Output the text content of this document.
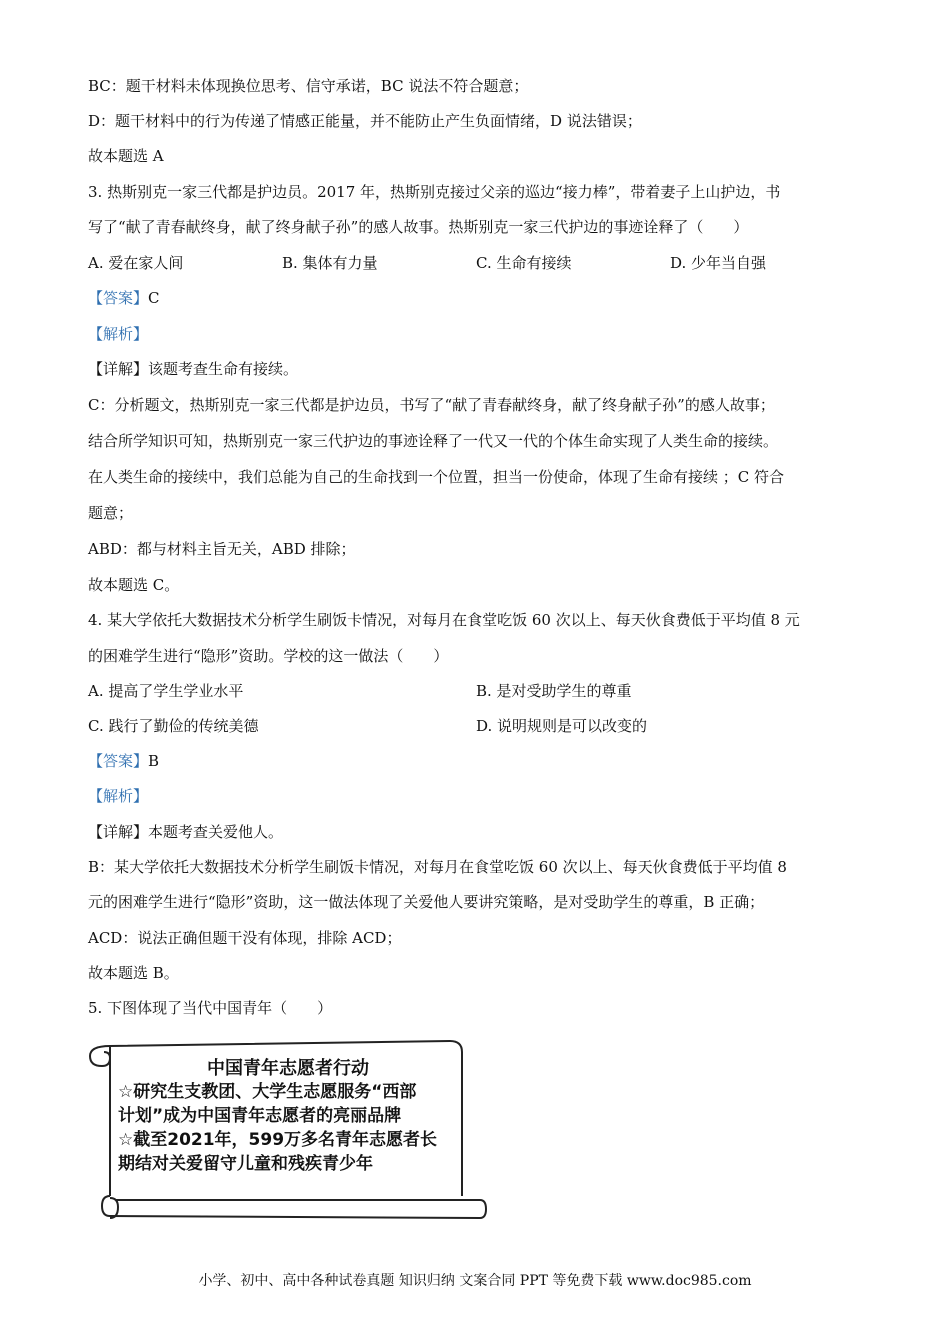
BC：题干材料未体现换位思考、信守承诺，BC 说法不符合题意；
D：题干材料中的行为传递了情感正能量，并不能防止产生负面情绪，D 说法错误；
故本题选 A
3. 热斯别克一家三代都是护边员。2017 年，热斯别克接过父亲的巡边“接力棒”，带着妻子上山护边，书
写了“献了青春献终身，献了终身献子孙”的感人故事。热斯别克一家三代护边的事迹诠释了（　　）
A. 爱在家人间	B. 集体有力量	C. 生命有接续	D. 少年当自强
【答案】C
【解析】
【详解】该题考查生命有接续。
C：分析题文，热斯别克一家三代都是护边员，书写了“献了青春献终身，献了终身献子孙”的感人故事；
结合所学知识可知，热斯别克一家三代护边的事迹诠释了一代又一代的个体生命实现了人类生命的接续。
在人类生命的接续中，我们总能为自己的生命找到一个位置，担当一份使命，体现了生命有接续 ；C 符合
题意；
ABD：都与材料主旨无关，ABD 排除；
故本题选 C。
4. 某大学依托大数据技术分析学生刷饭卡情况，对每月在食堂吃饭 60 次以上、每天伙食费低于平均值 8 元
的困难学生进行“隐形”资助。学校的这一做法（　　）
A. 提高了学生学业水平	B. 是对受助学生的尊重
C. 践行了勤俭的传统美德	D. 说明规则是可以改变的
【答案】B
【解析】
【详解】本题考查关爱他人。
B：某大学依托大数据技术分析学生刷饭卡情况，对每月在食堂吃饭 60 次以上、每天伙食费低于平均值 8
元的困难学生进行“隐形”资助，这一做法体现了关爱他人要讲究策略，是对受助学生的尊重，B 正确；
ACD：说法正确但题干没有体现，排除 ACD；
故本题选 B。
5. 下图体现了当代中国青年（　　）
中国青年志愿者行动
☆研究生支教团、大学生志愿服务“西部
计划”成为中国青年志愿者的亮丽品牌
☆截至2021年，599万多名青年志愿者长
期结对关爱留守儿童和残疾青少年
小学、初中、高中各种试卷真题 知识归纳 文案合同 PPT 等免费下载 www.doc985.com
